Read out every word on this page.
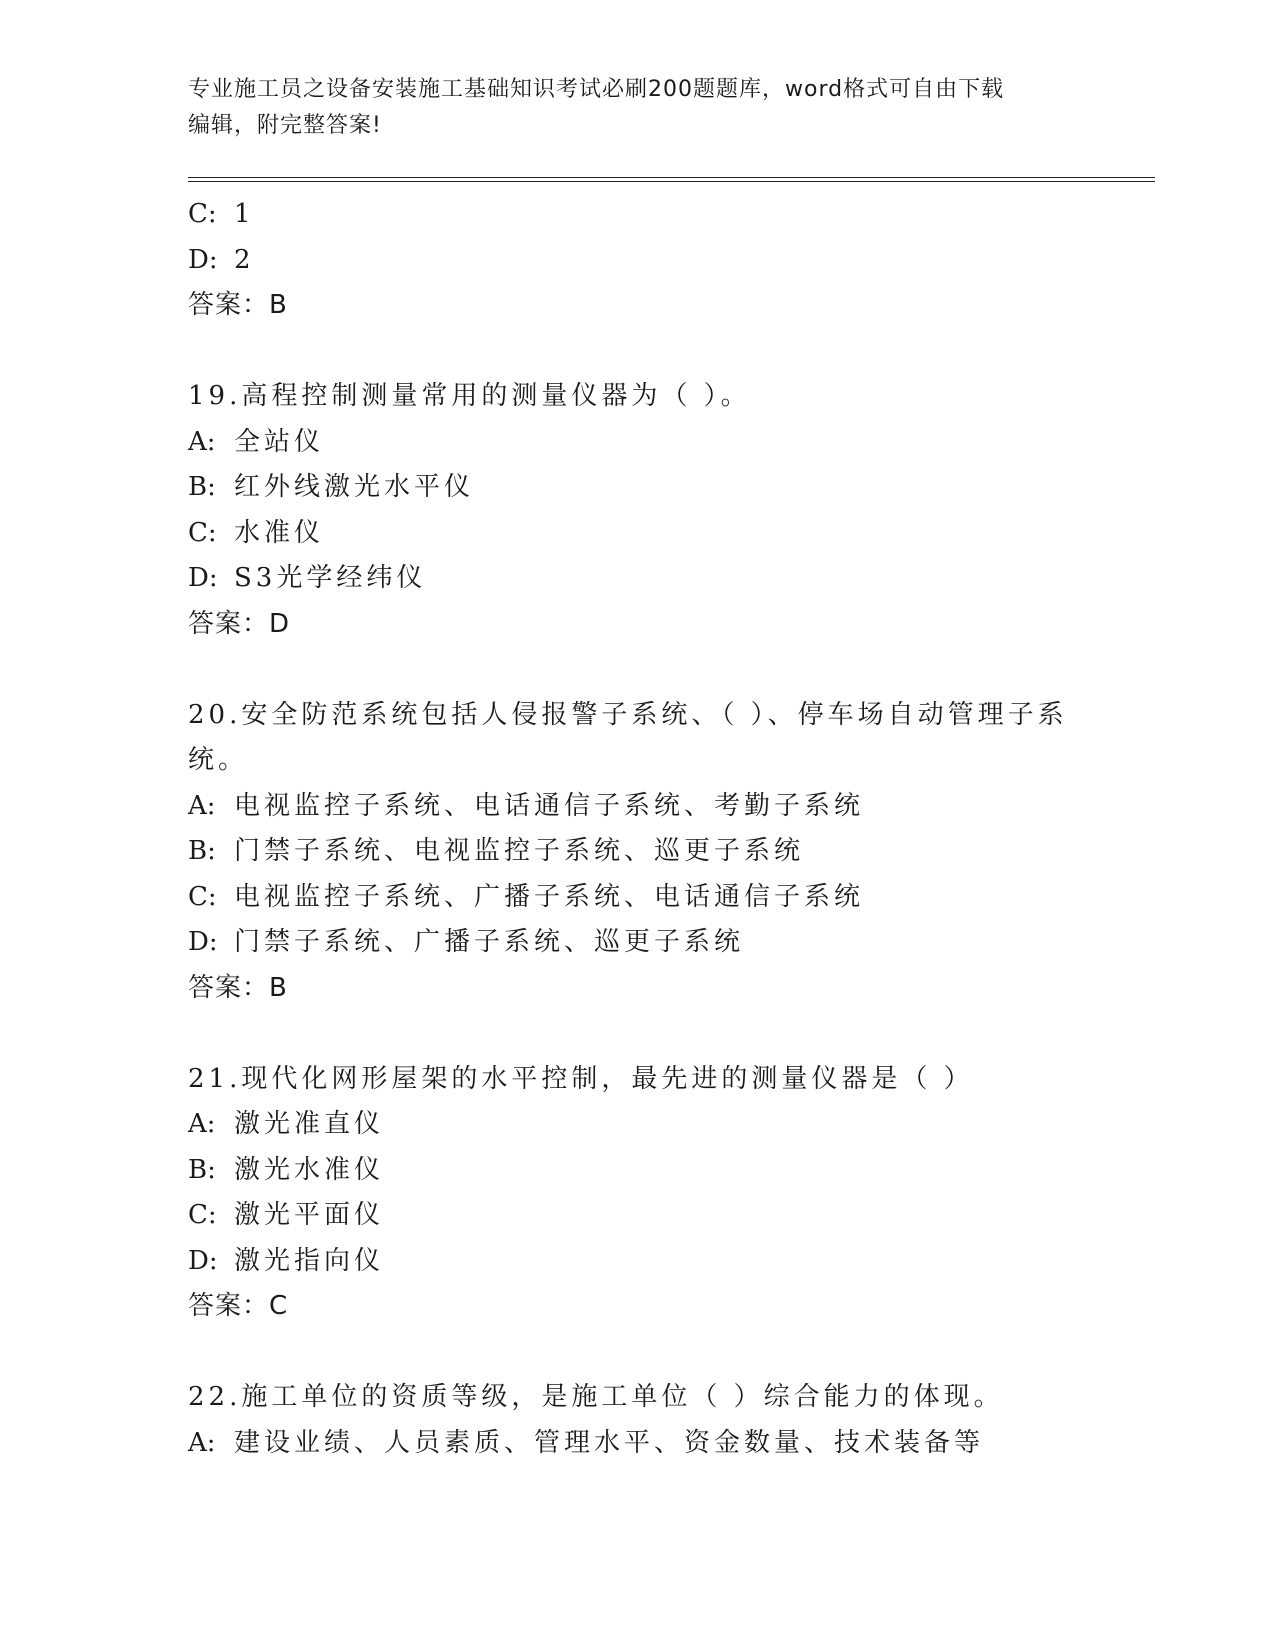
专业施工员之设备安装施工基础知识考试必刷200题题库，word格式可自由下载
编辑，附完整答案!
C: 1
D: 2
答案：B
19.高程控制测量常用的测量仪器为（ ）。
A: 全站仪
B: 红外线激光水平仪
C: 水准仪
D: S3光学经纬仪
答案：D
20.安全防范系统包括人侵报警子系统、（ ）、停车场自动管理子系
统。
A: 电视监控子系统、电话通信子系统、考勤子系统
B: 门禁子系统、电视监控子系统、巡更子系统
C: 电视监控子系统、广播子系统、电话通信子系统
D: 门禁子系统、广播子系统、巡更子系统
答案：B
21.现代化网形屋架的水平控制，最先进的测量仪器是（ ）
A: 激光准直仪
B: 激光水准仪
C: 激光平面仪
D: 激光指向仪
答案：C
22.施工单位的资质等级，是施工单位（ ）综合能力的体现。
A: 建设业绩、人员素质、管理水平、资金数量、技术装备等
